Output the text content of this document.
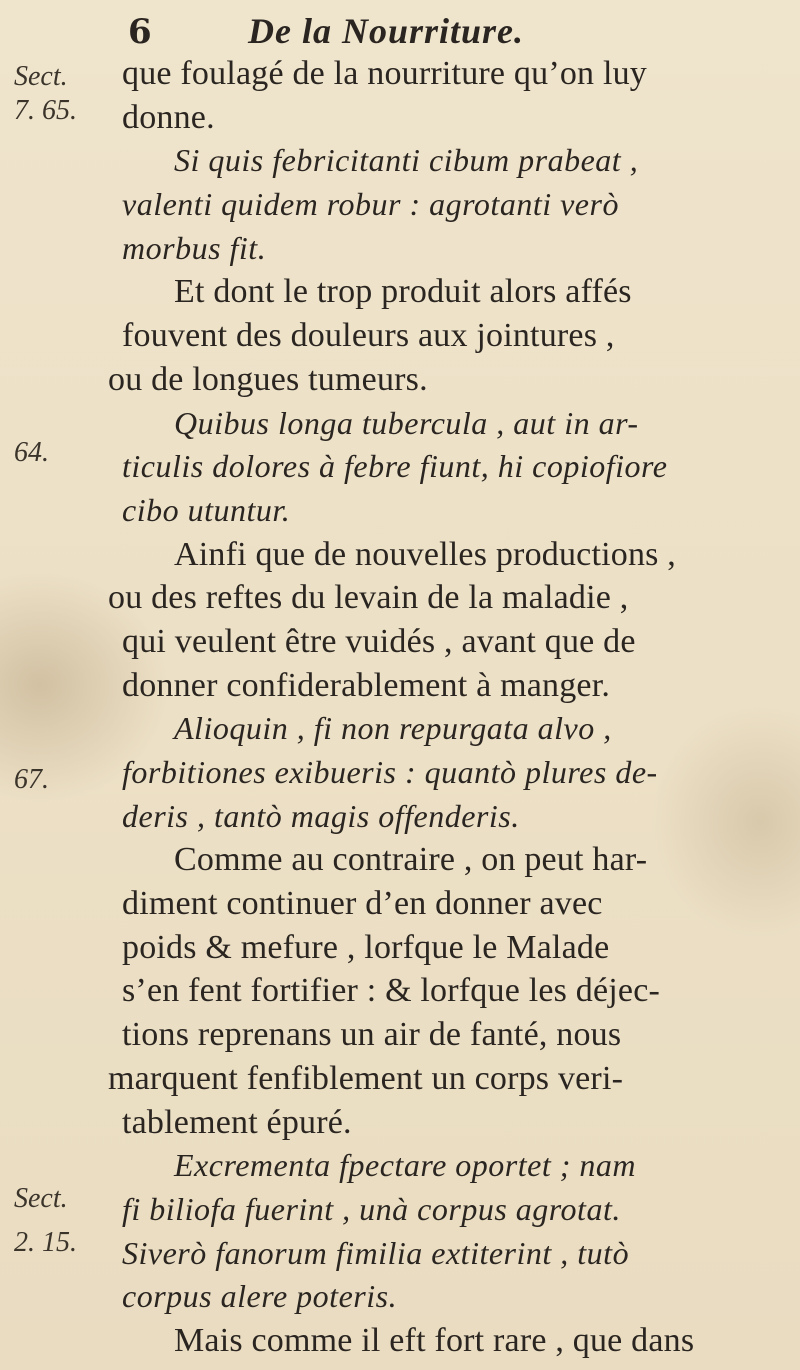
6	De la Nourriture.
Sect.
7. 65.
64.
67.
Sect.
2. 15.
que foulagé de la nourriture qu’on luy
donne.
Si quis febricitanti cibum prabeat ,
valenti quidem robur : agrotanti verò
morbus fit.
Et dont le trop produit alors affés
fouvent des douleurs aux jointures ,
ou de longues tumeurs.
Quibus longa tubercula , aut in ar-
ticulis dolores à febre fiunt, hi copiofiore
cibo utuntur.
Ainfi que de nouvelles productions ,
ou des reftes du levain de la maladie ,
qui veulent être vuidés , avant que de
donner confiderablement à manger.
Alioquin , fi non repurgata alvo ,
forbitiones exibueris : quantò plures de-
deris , tantò magis offenderis.
Comme au contraire , on peut har-
diment continuer d’en donner avec
poids & mefure , lorfque le Malade
s’en fent fortifier : & lorfque les déjec-
tions reprenans un air de fanté, nous
marquent fenfiblement un corps veri-
tablement épuré.
Excrementa fpectare oportet ; nam
fi biliofa fuerint , unà corpus agrotat.
Siverò fanorum fimilia extiterint , tutò
corpus alere poteris.
Mais comme il eft fort rare , que dans
